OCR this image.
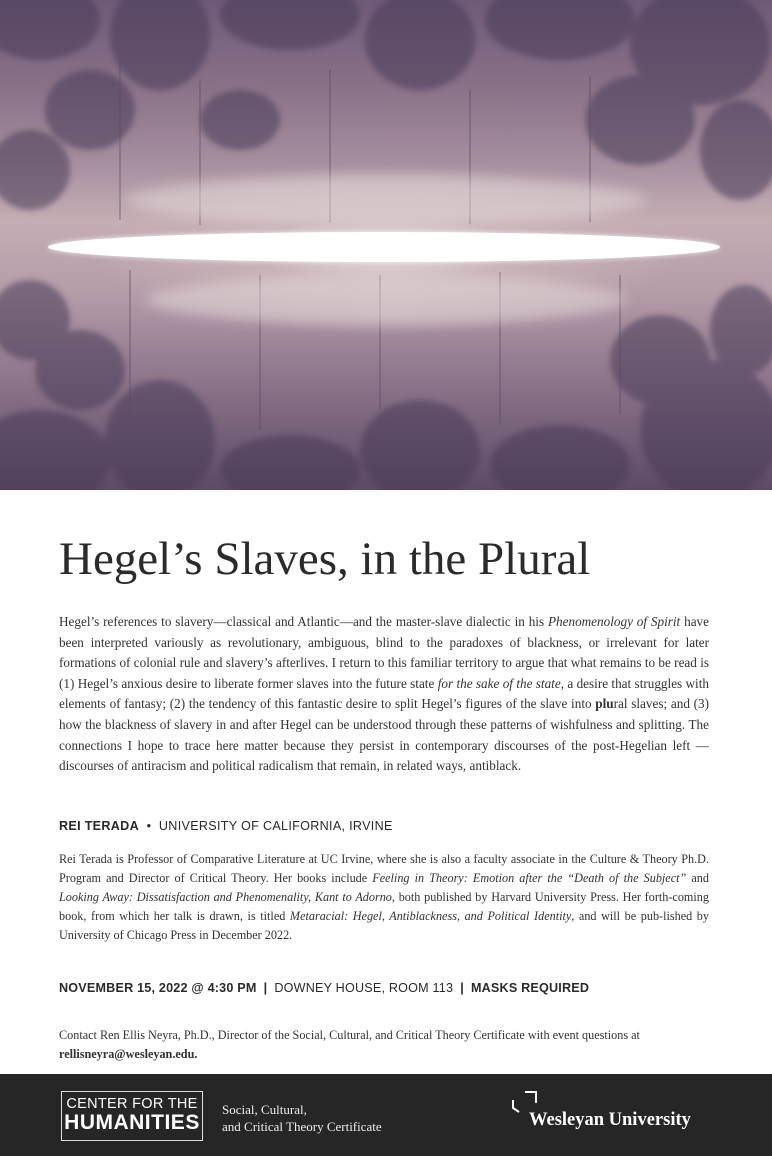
Hegel’s Slaves, in the Plural

Hegel’s references to slavery—classical and Atlantic—and the master-slave dialectic in his Phenomenology of Spirit have been interpreted variously as revolutionary, ambiguous, blind to the paradoxes of blackness, or irrelevant for later formations of colonial rule and slavery’s afterlives. I return to this familiar territory to argue that what remains to be read is (1) Hegel’s anxious desire to liberate former slaves into the future state for the sake of the state, a desire that struggles with elements of fantasy; (2) the tendency of this fantastic desire to split Hegel’s figures of the slave into plural slaves; and (3) how the blackness of slavery in and after Hegel can be understood through these patterns of wishfulness and splitting. The connections I hope to trace here matter because they persist in contemporary discourses of the post-Hegelian left —discourses of antiracism and political radicalism that remain, in related ways, antiblack.

REI TERADA • UNIVERSITY OF CALIFORNIA, IRVINE

Rei Terada is Professor of Comparative Literature at UC Irvine, where she is also a faculty associate in the Culture & Theory Ph.D. Program and Director of Critical Theory. Her books include Feeling in Theory: Emotion after the “Death of the Subject” and Looking Away: Dissatisfaction and Phenomenality, Kant to Adorno, both published by Harvard University Press. Her forth-coming book, from which her talk is drawn, is titled Metaracial: Hegel, Antiblackness, and Political Identity, and will be pub-lished by University of Chicago Press in December 2022.

NOVEMBER 15, 2022 @ 4:30 PM | DOWNEY HOUSE, ROOM 113 | MASKS REQUIRED

Contact Ren Ellis Neyra, Ph.D., Director of the Social, Cultural, and Critical Theory Certificate with event questions at
rellisneyra@wesleyan.edu.

CENTER FOR THE
HUMANITIES
Social, Cultural,
and Critical Theory Certificate	Wesleyan University
